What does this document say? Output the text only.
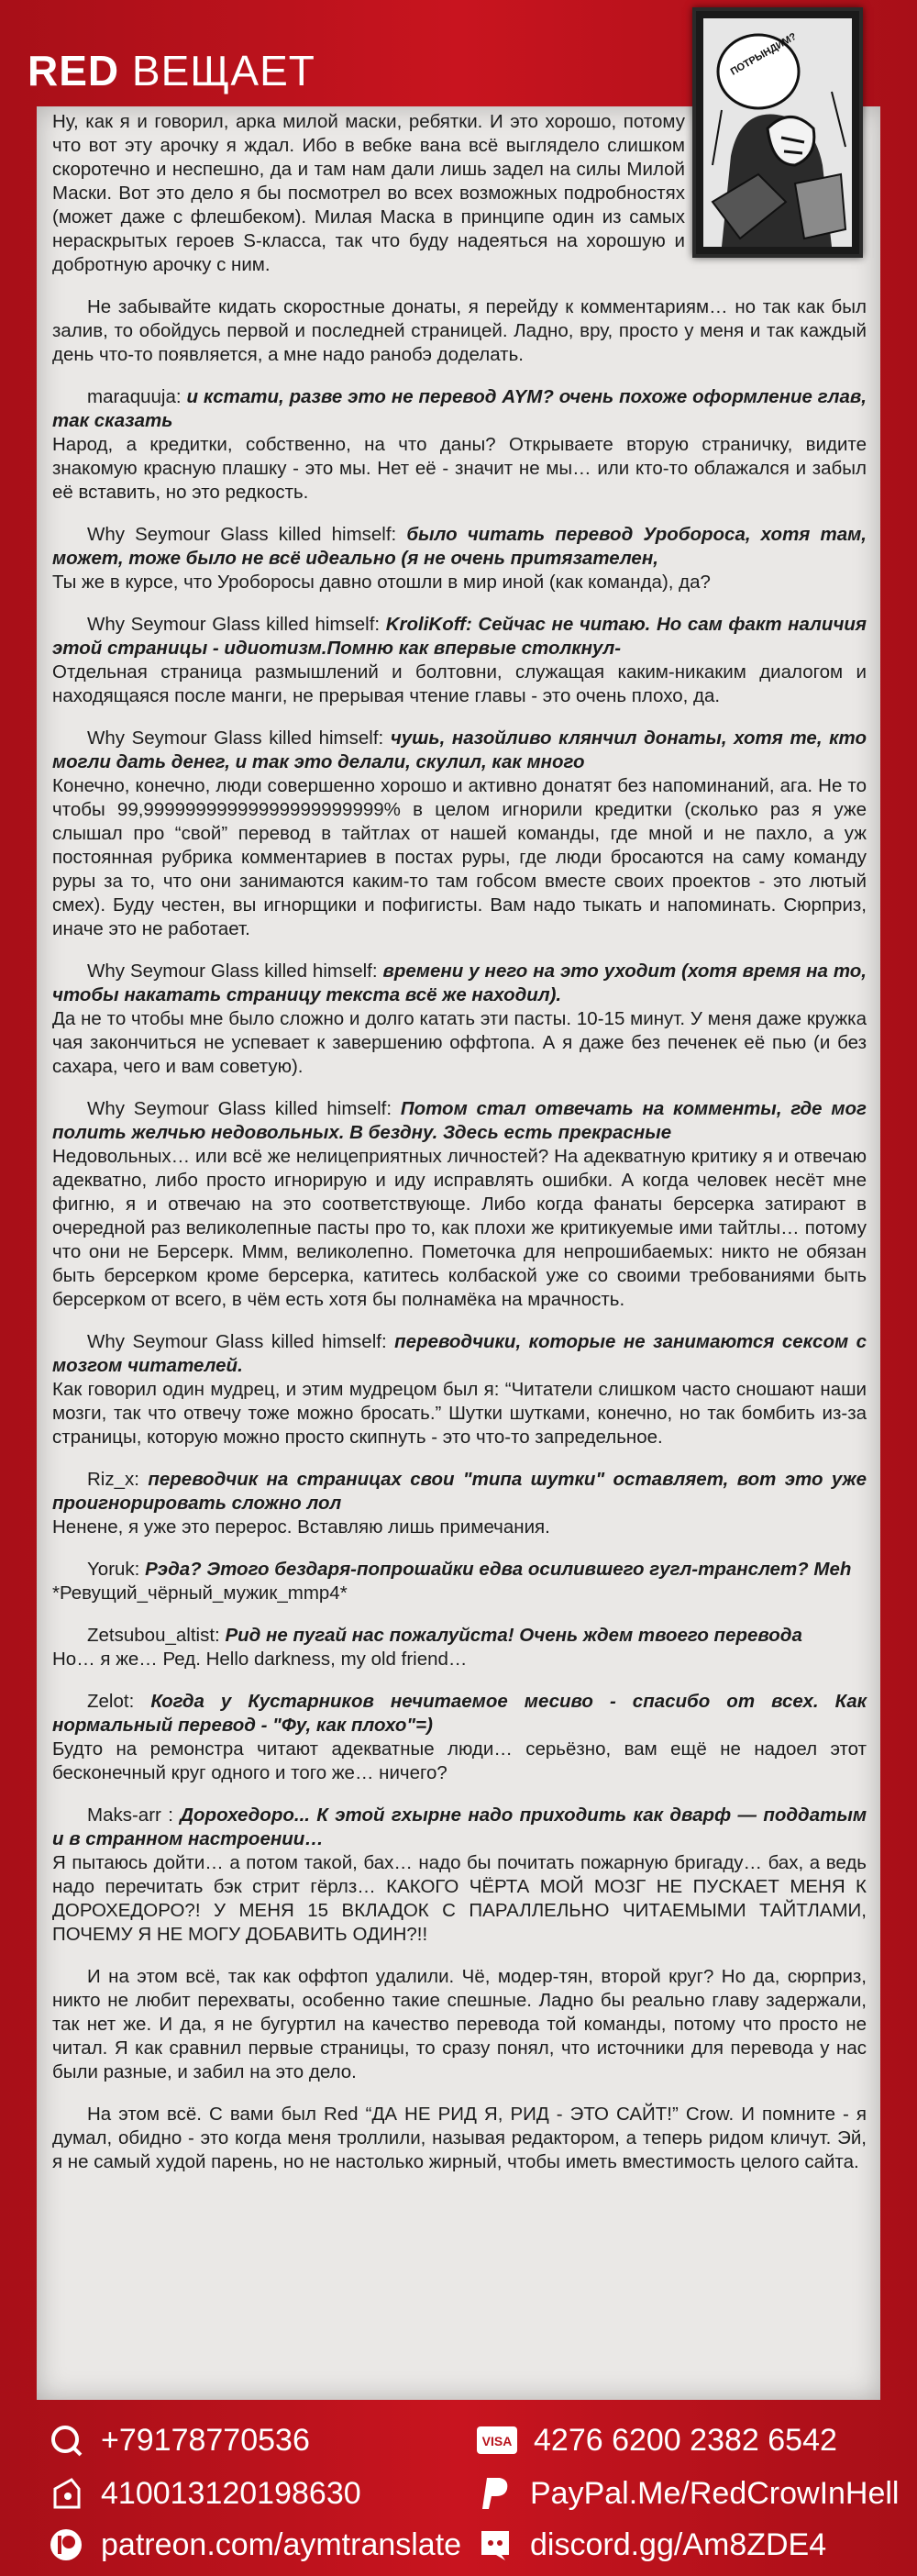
RED ВЕЩАЕТ	ПОТРЫНДИМ?

Ну, как я и говорил, арка милой маски, ребятки. И это хорошо, потому что вот эту арочку я ждал. Ибо в вебке вана всё выглядело слишком скоротечно и неспешно, да и там нам дали лишь задел на силы Милой Маски. Вот это дело я бы посмотрел во всех возможных подробностях (может даже с флешбеком). Милая Маска в принципе один из самых нераскрытых героев S-класса, так что буду надеяться на хорошую и добротную арочку с ним.

Не забывайте кидать скоростные донаты, я перейду к комментариям… но так как был залив, то обойдусь первой и последней страницей. Ладно, вру, просто у меня и так каждый день что-то появляется, а мне надо ранобэ доделать.

maraquuja: и кстати, разве это не перевод AYM? очень похоже оформление глав, так сказать
Народ, а кредитки, собственно, на что даны? Открываете вторую страничку, видите знакомую красную плашку - это мы. Нет её - значит не мы… или кто-то облажался и забыл её вставить, но это редкость.

Why Seymour Glass killed himself: было читать перевод Уробороса, хотя там, может, тоже было не всё идеально (я не очень притязателен,
Ты же в курсе, что Уроборосы давно отошли в мир иной (как команда), да?

Why Seymour Glass killed himself: KroliKoff: Сейчас не читаю. Но сам факт наличия этой страницы - идиотизм.Помню как впервые столкнул-
Отдельная страница размышлений и болтовни, служащая каким-никаким диалогом и находящаяся после манги, не прерывая чтение главы - это очень плохо, да.

Why Seymour Glass killed himself: чушь, назойливо клянчил донаты, хотя те, кто могли дать денег, и так это делали, скулил, как много
Конечно, конечно, люди совершенно хорошо и активно донатят без напоминаний, ага. Не то чтобы 99,99999999999999999999999% в целом игнорили кредитки (сколько раз я уже слышал про “свой” перевод в тайтлах от нашей команды, где мной и не пахло, а уж постоянная рубрика комментариев в постах руры, где люди бросаются на саму команду руры за то, что они занимаются каким-то там гобсом вместе своих проектов - это лютый смех). Буду честен, вы игнорщики и пофигисты. Вам надо тыкать и напоминать. Сюрприз, иначе это не работает.

Why Seymour Glass killed himself: времени у него на это уходит (хотя время на то, чтобы накатать страницу текста всё же находил).
Да не то чтобы мне было сложно и долго катать эти пасты. 10-15 минут. У меня даже кружка чая закончиться не успевает к завершению оффтопа. А я даже без печенек её пью (и без сахара, чего и вам советую).

Why Seymour Glass killed himself: Потом стал отвечать на комменты, где мог полить желчью недовольных. В бездну. Здесь есть прекрасные
Недовольных… или всё же нелицеприятных личностей? На адекватную критику я и отвечаю адекватно, либо просто игнорирую и иду исправлять ошибки. А когда человек несёт мне фигню, я и отвечаю на это соответствующе. Либо когда фанаты берсерка затирают в очередной раз великолепные пасты про то, как плохи же критикуемые ими тайтлы… потому что они не Берсерк. Ммм, великолепно. Пометочка для непрошибаемых: никто не обязан быть берсерком кроме берсерка, катитесь колбаской уже со своими требованиями быть берсерком от всего, в чём есть хотя бы полнамёка на мрачность.

Why Seymour Glass killed himself: переводчики, которые не занимаются сексом с мозгом читателей.
Как говорил один мудрец, и этим мудрецом был я: “Читатели слишком часто сношают наши мозги, так что отвечу тоже можно бросать.” Шутки шутками, конечно, но так бомбить из-за страницы, которую можно просто скипнуть - это что-то запредельное.

Riz_x: переводчик на страницах свои "типа шутки" оставляет, вот это уже проигнорировать сложно лол
Ненене, я уже это перерос. Вставляю лишь примечания.

Yoruk: Рэда? Этого бездаря-попрошайки едва осилившего гугл-транслет? Meh
*Ревущий_чёрный_мужик_mmp4*

Zetsubou_altist: Рид не пугай нас пожалуйста! Очень ждем твоего перевода
Но… я же… Ред. Hello darkness, my old friend…

Zelot: Когда у Кустарников нечитаемое месиво - спасибо от всех. Как нормальный перевод - "Фу, как плохо"=)
Будто на ремонстра читают адекватные люди… серьёзно, вам ещё не надоел этот бесконечный круг одного и того же… ничего?

Maks-arr : Дорохедоро... К этой гхырне надо приходить как дварф — поддатым и в странном настроении…
Я пытаюсь дойти… а потом такой, бах… надо бы почитать пожарную бригаду… бах, а ведь надо перечитать бэк стрит гёрлз… КАКОГО ЧЁРТА МОЙ МОЗГ НЕ ПУСКАЕТ МЕНЯ К ДОРОХЕДОРО?! У МЕНЯ 15 ВКЛАДОК С ПАРАЛЛЕЛЬНО ЧИТАЕМЫМИ ТАЙТЛАМИ, ПОЧЕМУ Я НЕ МОГУ ДОБАВИТЬ ОДИН?!!

И на этом всё, так как оффтоп удалили. Чё, модер-тян, второй круг? Но да, сюрприз, никто не любит перехваты, особенно такие спешные. Ладно бы реально главу задержали, так нет же. И да, я не бугуртил на качество перевода той команды, потому что просто не читал. Я как сравнил первые страницы, то сразу понял, что источники для перевода у нас были разные, и забил на это дело.

На этом всё. С вами был Red “ДА НЕ РИД Я, РИД - ЭТО САЙТ!” Crow. И помните - я думал, обидно - это когда меня троллили, называя редактором, а теперь ридом кличут. Эй, я не самый худой парень, но не настолько жирный, чтобы иметь вместимость целого сайта.

+79178770536	VISA 4276 6200 2382 6542
410013120198630	PayPal.Me/RedCrowInHell
patreon.com/aymtranslate discord.gg/Am8ZDE4
